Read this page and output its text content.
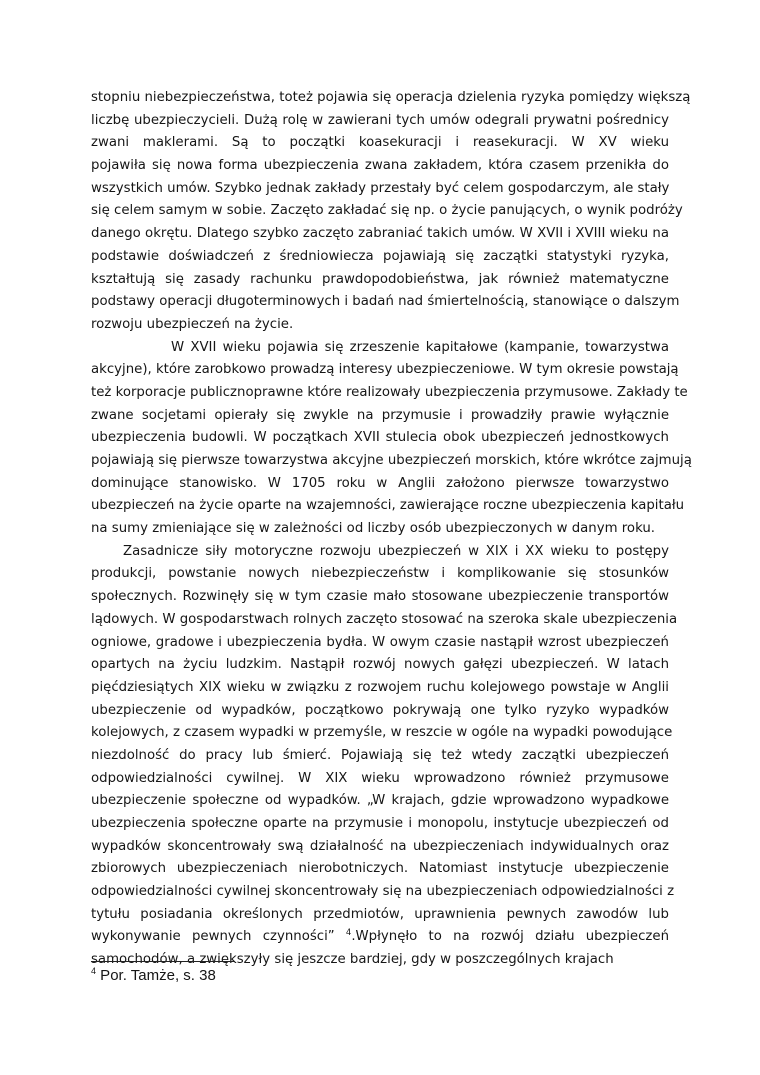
stopniu niebezpieczeństwa, toteż pojawia się operacja dzielenia ryzyka pomiędzy większą
liczbę ubezpieczycieli. Dużą rolę w zawierani tych umów odegrali prywatni pośrednicy
zwani maklerami. Są to początki koasekuracji i reasekuracji. W XV wieku
pojawiła się nowa forma ubezpieczenia zwana zakładem, która czasem przenikła do
wszystkich umów. Szybko jednak zakłady przestały być celem gospodarczym, ale stały
się celem samym w sobie. Zaczęto zakładać się np. o życie panujących, o wynik podróży
danego okrętu. Dlatego szybko zaczęto zabraniać takich umów. W XVII i XVIII wieku na
podstawie doświadczeń z średniowiecza pojawiają się zaczątki statystyki ryzyka,
kształtują się zasady rachunku prawdopodobieństwa, jak również matematyczne
podstawy operacji długoterminowych i badań nad śmiertelnością, stanowiące o dalszym
rozwoju ubezpieczeń na życie.
W XVII wieku pojawia się zrzeszenie kapitałowe (kampanie, towarzystwa
akcyjne), które zarobkowo prowadzą interesy ubezpieczeniowe. W tym okresie powstają
też korporacje publicznoprawne które realizowały ubezpieczenia przymusowe. Zakłady te
zwane socjetami opierały się zwykle na przymusie i prowadziły prawie wyłącznie
ubezpieczenia budowli. W początkach XVII stulecia obok ubezpieczeń jednostkowych
pojawiają się pierwsze towarzystwa akcyjne ubezpieczeń morskich, które wkrótce zajmują
dominujące stanowisko. W 1705 roku w Anglii założono pierwsze towarzystwo
ubezpieczeń na życie oparte na wzajemności, zawierające roczne ubezpieczenia kapitału
na sumy zmieniające się w zależności od liczby osób ubezpieczonych w danym roku.
Zasadnicze siły motoryczne rozwoju ubezpieczeń w XIX i XX wieku to postępy
produkcji, powstanie nowych niebezpieczeństw i komplikowanie się stosunków
społecznych. Rozwinęły się w tym czasie mało stosowane ubezpieczenie transportów
lądowych. W gospodarstwach rolnych zaczęto stosować na szeroka skale ubezpieczenia
ogniowe, gradowe i ubezpieczenia bydła. W owym czasie nastąpił wzrost ubezpieczeń
opartych na życiu ludzkim. Nastąpił rozwój nowych gałęzi ubezpieczeń. W latach
pięćdziesiątych XIX wieku w związku z rozwojem ruchu kolejowego powstaje w Anglii
ubezpieczenie od wypadków, początkowo pokrywają one tylko ryzyko wypadków
kolejowych, z czasem wypadki w przemyśle, w reszcie w ogóle na wypadki powodujące
niezdolność do pracy lub śmierć. Pojawiają się też wtedy zaczątki ubezpieczeń
odpowiedzialności cywilnej. W XIX wieku wprowadzono również przymusowe
ubezpieczenie społeczne od wypadków. „W krajach, gdzie wprowadzono wypadkowe
ubezpieczenia społeczne oparte na przymusie i monopolu, instytucje ubezpieczeń od
wypadków skoncentrowały swą działalność na ubezpieczeniach indywidualnych oraz
zbiorowych ubezpieczeniach nierobotniczych. Natomiast instytucje ubezpieczenie
odpowiedzialności cywilnej skoncentrowały się na ubezpieczeniach odpowiedzialności z
tytułu posiadania określonych przedmiotów, uprawnienia pewnych zawodów lub
wykonywanie pewnych czynności” $^4$.Wpłynęło to na rozwój działu ubezpieczeń
samochodów, a zwiększyły się jeszcze bardziej, gdy w poszczególnych krajach
$^4$ Por. Tamże, s. 38
